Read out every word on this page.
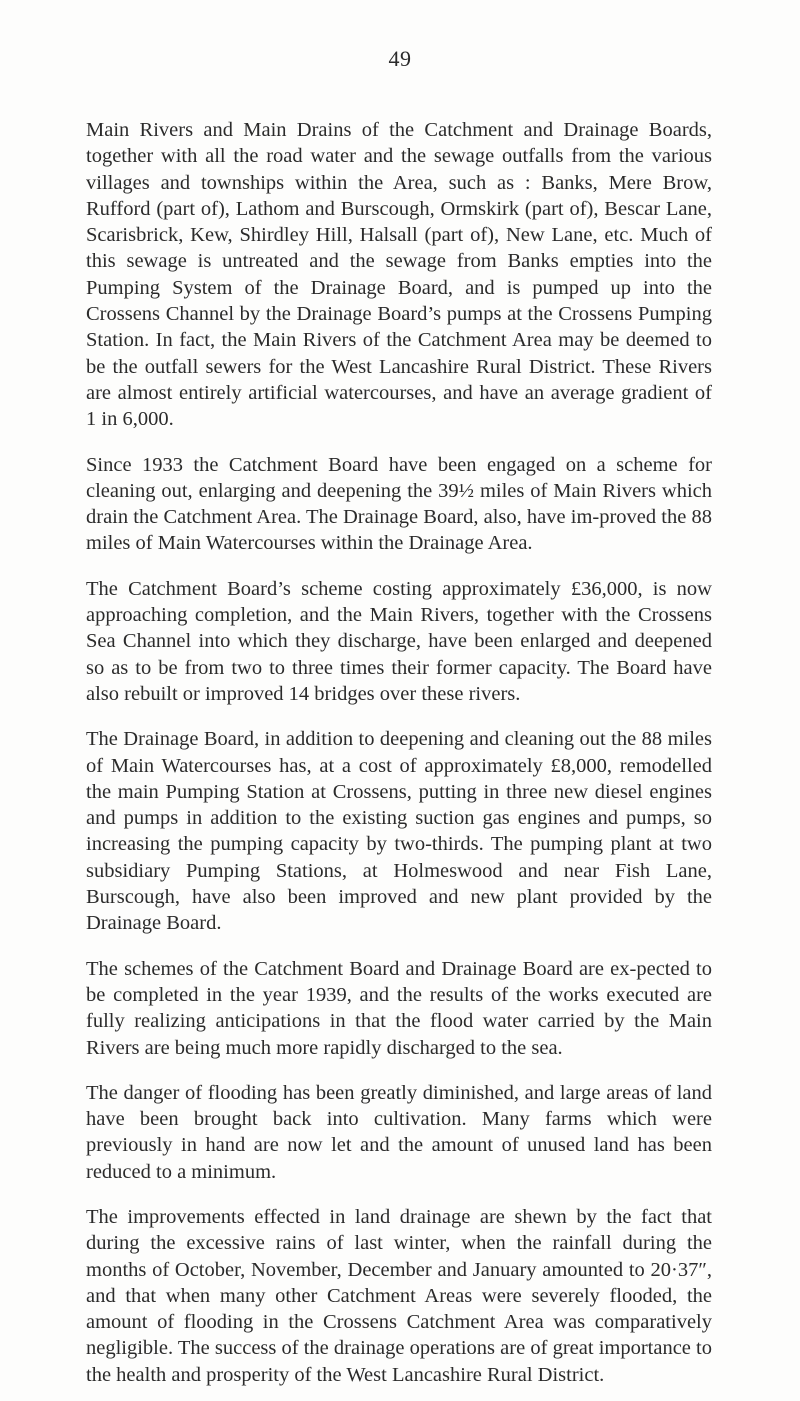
49

Main Rivers and Main Drains of the Catchment and Drainage Boards, together with all the road water and the sewage outfalls from the various villages and townships within the Area, such as : Banks, Mere Brow, Rufford (part of), Lathom and Burscough, Ormskirk (part of), Bescar Lane, Scarisbrick, Kew, Shirdley Hill, Halsall (part of), New Lane, etc. Much of this sewage is untreated and the sewage from Banks empties into the Pumping System of the Drainage Board, and is pumped up into the Crossens Channel by the Drainage Board’s pumps at the Crossens Pumping Station. In fact, the Main Rivers of the Catchment Area may be deemed to be the outfall sewers for the West Lancashire Rural District. These Rivers are almost entirely artificial watercourses, and have an average gradient of 1 in 6,000.

Since 1933 the Catchment Board have been engaged on a scheme for cleaning out, enlarging and deepening the 39½ miles of Main Rivers which drain the Catchment Area. The Drainage Board, also, have im-proved the 88 miles of Main Watercourses within the Drainage Area.

The Catchment Board’s scheme costing approximately £36,000, is now approaching completion, and the Main Rivers, together with the Crossens Sea Channel into which they discharge, have been enlarged and deepened so as to be from two to three times their former capacity. The Board have also rebuilt or improved 14 bridges over these rivers.

The Drainage Board, in addition to deepening and cleaning out the 88 miles of Main Watercourses has, at a cost of approximately £8,000, remodelled the main Pumping Station at Crossens, putting in three new diesel engines and pumps in addition to the existing suction gas engines and pumps, so increasing the pumping capacity by two-thirds. The pumping plant at two subsidiary Pumping Stations, at Holmeswood and near Fish Lane, Burscough, have also been improved and new plant provided by the Drainage Board.

The schemes of the Catchment Board and Drainage Board are ex-pected to be completed in the year 1939, and the results of the works executed are fully realizing anticipations in that the flood water carried by the Main Rivers are being much more rapidly discharged to the sea.

The danger of flooding has been greatly diminished, and large areas of land have been brought back into cultivation. Many farms which were previously in hand are now let and the amount of unused land has been reduced to a minimum.

The improvements effected in land drainage are shewn by the fact that during the excessive rains of last winter, when the rainfall during the months of October, November, December and January amounted to 20·37″, and that when many other Catchment Areas were severely flooded, the amount of flooding in the Crossens Catchment Area was comparatively negligible. The success of the drainage operations are of great importance to the health and prosperity of the West Lancashire Rural District.
